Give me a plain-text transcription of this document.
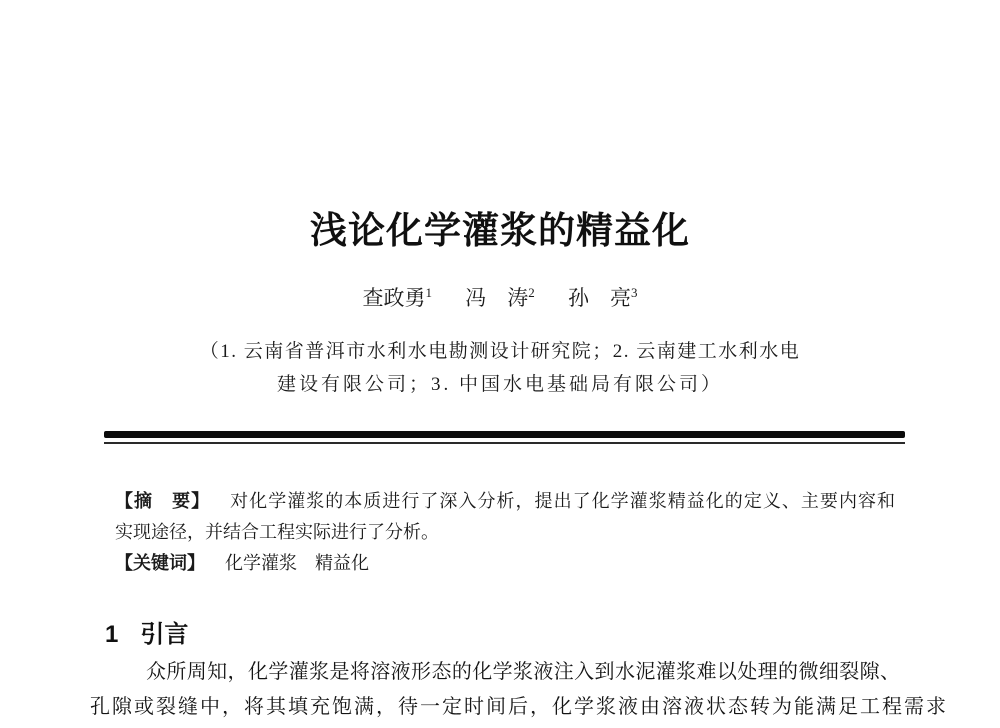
浅论化学灌浆的精益化
查政勇$^1$ 冯　涛$^2$ 孙　亮$^3$
（1. 云南省普洱市水利水电勘测设计研究院；2. 云南建工水利水电
建设有限公司；3. 中国水电基础局有限公司）

【摘　要】 对化学灌浆的本质进行了深入分析，提出了化学灌浆精益化的定义、主要内容和

实现途径，并结合工程实际进行了分析。

【关键词】 化学灌浆　精益化

1 引言

众所周知，化学灌浆是将溶液形态的化学浆液注入到水泥灌浆难以处理的微细裂隙、

孔隙或裂缝中，将其填充饱满，待一定时间后，化学浆液由溶液状态转为能满足工程需求
